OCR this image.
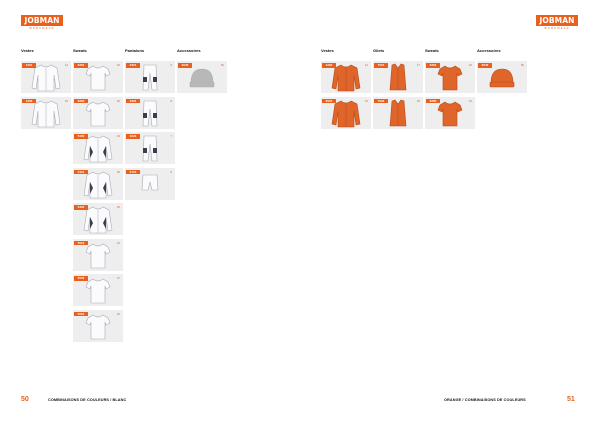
JOBMAN
WORKWEAR
JOBMAN
WORKWEAR
Vestes
1201	14
1203	15
Sweats
5264	32
5263	30
5400	33
5401	35
5402	35
5512	24
5552	27
5564	22
Pantalons
2321	6
2324	8
2323	7
2723	8
Accessoires
9040	50
Vestes
1220	14
6501	15
Gilets
7501	17
7502	18
Sweats
5264	23
5265	24
Accessoires
9040	50
50	COMBINAISONS DE COULEURS / BLANC	ORANGE / COMBINAISONS DE COULEURS	51
